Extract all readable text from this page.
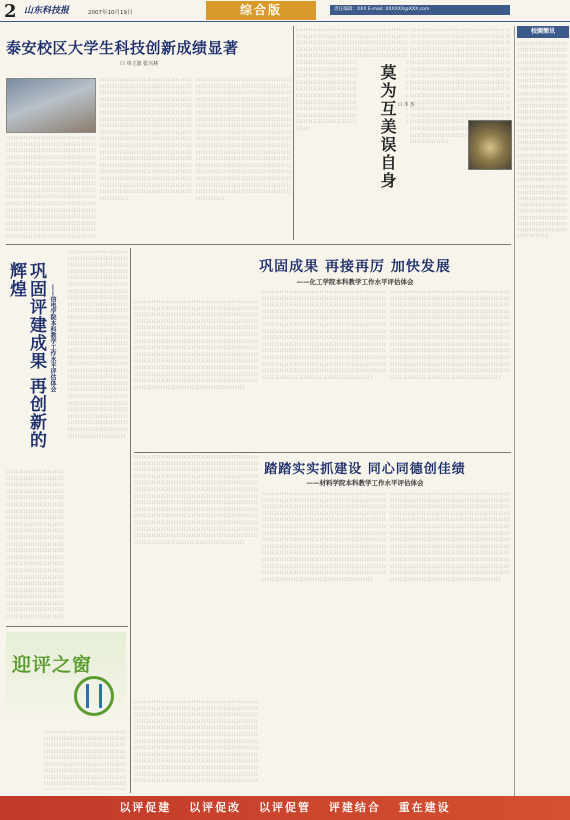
2 山东科技报	2007年10月19日	综合版	责任编辑：XXX E-mail: XXXXXX@XXX.com
泰安校区大学生科技创新成绩显著
口 单立波 张兴林 口口口口口口口口口口口口口口口口口口口口口口口口口口口口口口口口口口口口口口口口口口口口口口口口口口口口口口口口口口口口口口口口口口口口口口口口口口口口口口口口口口口口口口口口口口口口口口口口口口口口口口口口口口口口口口口口口口口口口口口口口口口口口口口口口口口口口口口口口口口口口口口口口口口口口口口口口口口口口口口口口口口口口口口口口口口口口口口口口口口口口口口口口口口口口口口口口口口口口口口口口口口口口口口口口口口口口口口口口口口口口口口口口口口口口口口口口口口口口口口口口口口口口口口口口口口口口口口口口口口口口口口口口口口口口口口口口口口口口口口口口口口口口口口口口口口口口口口口口口口口口口口口口口口口口口口口口口口口口口口口口口口口口口口口口口口口口口口口口口口口口口口口口口口口 口口口口口口口口口口口口口口口口口口口口口口口口口口口口口口口口口口口口口口口口口口口口口口口口口口口口口口口口口口口口口口口口口口口口口口口口口口口口口口口口口口口口口口口口口口口口口口口口口口口口口口口口口口口口口口口口口口口口口口口口口口口口口口口口口口口口口口口口口口口口口口口口口口口口口口口口口口口口口口口口口口口口口口口口口口口口口口口口口口口口口口口口口口口口口口口口口口口口口口口口口口口口口口口口口口口口口口口口口口口口口口口口口口口口口口口口口口口口口口口口口口口口口口口口口口口口口口口口口口口口口口口口口口口口口口口口口口口口口口口口口口口口口口口口口口口口口口口口口口口口口口口口口口口口口口口口口口口口口口口口口口口口口口口口口口口口口口口口口口口口口口口口口口口口 口口口口口口口口口口口口口口口口口口口口口口口口口口口口口口口口口口口口口口口口口口口口口口口口口口口口口口口口口口口口口口口口口口口口口口口口口口口口口口口口口口口口口口口口口口口口口口口口口口口口口口口口口口口口口口口口口口口口口口口口口口口口口口口口口口口口口口口口口口口口口口口口口口口口口口口口口口口口口口口口口口口口口口口口口口口口口口口口口口口口口口口口口口口口口口口口口口口口口口口口口口口口口口口口口口口口口口口口口口口口口口口口口口口口口口口口口口口口口口口口口口口口口口口口口口口口口口口口口口口口口口口口口口口口口口口口口口口口口口口口口口口口口口口口口口口口口口口口口口口口口口口口口口口口口口口口口口口口口口口口口口口口口口口口口口口口口口口口口口口口口口口口口口口口 口口口口口口口口口口口口口口口口口口口口口口口口口口口口口口口口口口口口口口口口口口口口口口口口口口口口口口口口口口口口口口口口口口口口口口口口口口口口口口口口口口口口口口口口口口口口口口口口口口口口口口口口口口口口口口口口口口口口口口口口口口口口口口口口口口口口口口口口口口口口口口口口口口口口口口口口口口口口口口口口口口口口口口口口口口口口口口口口口口口口口口口口口口口口口口口口口口口口口口口口口口口口口口口口口口口口口口口口口口口口口口口口口口口口口口口口口口口口口口口口口口口口口口口口口口口口口口口口口口口口口口口口口口口口口口口口口口口口口口口口口口口口口口口口口口口口口口口口口口口口口口口口口口口口口口口口口口口口口口口口口口口口口口口口口口口口口口口口口口口口口口口口口口口口 口口口口口口口口口口口口口口口口口口口口口口口口口口口口口口口口口口口口口口口口口口口口口口口口口口口口口口口口口口口口口口口口口口口口口口口口口口口口口口口口口口口口口口口口口口口口口口口口口口口口口口口口口口口口口口口口口口口口口口口口口口口口口口口口口口口口口口口口口口口口口口口口口口口口口口口口口口口口口口口口口口口口口口口口口口口口口口口口口口口口口口口口口口口口口口口口口口口口口口口口口口口口口口口口口口口口口口口口口口口口口口口口口口口口口口口口口口口口口口口口口口口口口口口口口口口口口口口口口口口口口口口口口口口口口口口口口口口口口口口口口口口口口口口口口口口口口口口口口口口口口口口口口口口口口口口口口口口口口口口口口口口口口口口口口口口口口口口口口口口口口口口口口口口口	莫为互美误自身 口 李 杰
校園簡讯
口口口口口口口口口口口口口口口口口口口口口口口口口口口口口口口口口口口口口口口口口口口口口口口口口口口口口口口口口口口口口口口口口口口口口口口口口口口口口口口口口口口口口口口口口口口口口口口口口口口口口口口口口口口口口口口口口口口口口口口口口口口口口口口口口口口口口口口口口口口口口口口口口口口口口口口口口口口口口口口口口口口口口口口口口口口口口口口口口口口口口口口口口口口口口口口口口口口口口口口口口口口口口口口口口口口口口口口口口口口口口口口口口口口口口口口口口口口口口口口口口口口口口口口口口口口口口口口口口口口口口口口口口口口口口口口口口口口口口口口口口口口口口口口口口口口口口口口口口口口口口口口口口口口口口口口口口口口口口口口口口口口口口口口口口口口口口口口口口口口口口口口口口口口口
巩固评建成果 再创新的辉煌
——信电学院本科教学工作水平评估体会
口口口口口口口口口口口口口口口口口口口口口口口口口口口口口口口口口口口口口口口口口口口口口口口口口口口口口口口口口口口口口口口口口口口口口口口口口口口口口口口口口口口口口口口口口口口口口口口口口口口口口口口口口口口口口口口口口口口口口口口口口口口口口口口口口口口口口口口口口口口口口口口口口口口口口口口口口口口口口口口口口口口口口口口口口口口口口口口口口口口口口口口口口口口口口口口口口口口口口口口口口口口口口口口口口口口口口口口口口口口口口口口口口口口口口口口口口口口口口口口口口口口口口口口口口口口口口口口口口口口口口口口口口口口口口口口口口口口口口口口口口口口口口口口口口口口口口口口口口口口口口口口口口口口口口口口口口口口口口口口口口口口口口口口口口口口口口口口口口口口口口口口口口口口口
口口口口口口口口口口口口口口口口口口口口口口口口口口口口口口口口口口口口口口口口口口口口口口口口口口口口口口口口口口口口口口口口口口口口口口口口口口口口口口口口口口口口口口口口口口口口口口口口口口口口口口口口口口口口口口口口口口口口口口口口口口口口口口口口口口口口口口口口口口口口口口口口口口口口口口口口口口口口口口口口口口口口口口口口口口口口口口口口口口口口口口口口口口口口口口口口口口口口口口口口口口口口口口口口口口口口口口口口口口口口口口口口口口口口口口口口口口口口口口口口口口口口口口口口口口口口口口口口口口口口口口口口口口口口口口口口口口口口口口口口口口口口口口口口口口口口口口口口口口口口口口口口口口口口口口口口口口口口口口口口口口口口口口口口口口口口口口口口口口口口口口口口口口口口
迎评之窗
口口口口口口口口口口口口口口口口口口口口口口口口口口口口口口口口口口口口口口口口口口口口口口口口口口口口口口口口口口口口口口口口口口口口口口口口口口口口口口口口口口口口口口口口口口口口口口口口口口口口口口口口口口口口口口口口口口口口口口口口口口口口口口口口口口口口口口口口口口口口口口口口口口口口口口口口口口口口口口口口口口口口口口口口口口口口口口口口口口口口口口口口口口口口口口口口口口口口口口口口口口口口口口口口口口口口口口口口口口口口口口口口口口口口口口口口口口口口口口口口口口口口口口口口口口口口口口口口口口口口口口口口口口口口口口口口口口口口口口口口口口口口口口口口口口口口口口口口口口口口口口口口口口口口口口口口口口口口口口口口口口口口口口口口口口口口口口口口口口口口口口口口口口口口
巩固成果 再接再厉 加快发展
——化工学院本科教学工作水平评估体会
口口口口口口口口口口口口口口口口口口口口口口口口口口口口口口口口口口口口口口口口口口口口口口口口口口口口口口口口口口口口口口口口口口口口口口口口口口口口口口口口口口口口口口口口口口口口口口口口口口口口口口口口口口口口口口口口口口口口口口口口口口口口口口口口口口口口口口口口口口口口口口口口口口口口口口口口口口口口口口口口口口口口口口口口口口口口口口口口口口口口口口口口口口口口口口口口口口口口口口口口口口口口口口口口口口口口口口口口口口口口口口口口口口口口口口口口口口口口口口口口口口口口口口口口口口口口口口口口口口口口口口口口口口口口口口口口口口口口口口口口口口口口口口口口口口口口口口口口口口口口口口口口口口口口口口口口口口口口口口口口口口口口口口口口口口口口口口口口口口口口口口口口口口口口
口口口口口口口口口口口口口口口口口口口口口口口口口口口口口口口口口口口口口口口口口口口口口口口口口口口口口口口口口口口口口口口口口口口口口口口口口口口口口口口口口口口口口口口口口口口口口口口口口口口口口口口口口口口口口口口口口口口口口口口口口口口口口口口口口口口口口口口口口口口口口口口口口口口口口口口口口口口口口口口口口口口口口口口口口口口口口口口口口口口口口口口口口口口口口口口口口口口口口口口口口口口口口口口口口口口口口口口口口口口口口口口口口口口口口口口口口口口口口口口口口口口口口口口口口口口口口口口口口口口口口口口口口口口口口口口口口口口口口口口口口口口口口口口口口口口口口口口口口口口口口口口口口口口口口口口口口口口口口口口口口口口口口口口口口口口口口口口口口口口口口口口口口口口口
口口口口口口口口口口口口口口口口口口口口口口口口口口口口口口口口口口口口口口口口口口口口口口口口口口口口口口口口口口口口口口口口口口口口口口口口口口口口口口口口口口口口口口口口口口口口口口口口口口口口口口口口口口口口口口口口口口口口口口口口口口口口口口口口口口口口口口口口口口口口口口口口口口口口口口口口口口口口口口口口口口口口口口口口口口口口口口口口口口口口口口口口口口口口口口口口口口口口口口口口口口口口口口口口口口口口口口口口口口口口口口口口口口口口口口口口口口口口口口口口口口口口口口口口口口口口口口口口口口口口口口口口口口口口口口口口口口口口口口口口口口口口口口口口口口口口口口口口口口口口口口口口口口口口口口口口口口口口口口口口口口口口口口口口口口口口口口口口口口口口口口口口口口口口
口口口口口口口口口口口口口口口口口口口口口口口口口口口口口口口口口口口口口口口口口口口口口口口口口口口口口口口口口口口口口口口口口口口口口口口口口口口口口口口口口口口口口口口口口口口口口口口口口口口口口口口口口口口口口口口口口口口口口口口口口口口口口口口口口口口口口口口口口口口口口口口口口口口口口口口口口口口口口口口口口口口口口口口口口口口口口口口口口口口口口口口口口口口口口口口口口口口口口口口口口口口口口口口口口口口口口口口口口口口口口口口口口口口口口口口口口口口口口口口口口口口口口口口口口口口口口口口口口口口口口口口口口口口口口口口口口口口口口口口口口口口口口口口口口口口口口口口口口口口口口口口口口口口口口口口口口口口口口口口口口口口口口口口口口口口口口口口口口口口口口口口口口口口口
踏踏实实抓建设 同心同德创佳绩
——材料学院本科教学工作水平评估体会
口口口口口口口口口口口口口口口口口口口口口口口口口口口口口口口口口口口口口口口口口口口口口口口口口口口口口口口口口口口口口口口口口口口口口口口口口口口口口口口口口口口口口口口口口口口口口口口口口口口口口口口口口口口口口口口口口口口口口口口口口口口口口口口口口口口口口口口口口口口口口口口口口口口口口口口口口口口口口口口口口口口口口口口口口口口口口口口口口口口口口口口口口口口口口口口口口口口口口口口口口口口口口口口口口口口口口口口口口口口口口口口口口口口口口口口口口口口口口口口口口口口口口口口口口口口口口口口口口口口口口口口口口口口口口口口口口口口口口口口口口口口口口口口口口口口口口口口口口口口口口口口口口口口口口口口口口口口口口口口口口口口口口口口口口口口口口口口口口口口口口口口口口口口口
口口口口口口口口口口口口口口口口口口口口口口口口口口口口口口口口口口口口口口口口口口口口口口口口口口口口口口口口口口口口口口口口口口口口口口口口口口口口口口口口口口口口口口口口口口口口口口口口口口口口口口口口口口口口口口口口口口口口口口口口口口口口口口口口口口口口口口口口口口口口口口口口口口口口口口口口口口口口口口口口口口口口口口口口口口口口口口口口口口口口口口口口口口口口口口口口口口口口口口口口口口口口口口口口口口口口口口口口口口口口口口口口口口口口口口口口口口口口口口口口口口口口口口口口口口口口口口口口口口口口口口口口口口口口口口口口口口口口口口口口口口口口口口口口口口口口口口口口口口口口口口口口口口口口口口口口口口口口口口口口口口口口口口口口口口口口口口口口口口口口口口口口口口口口
口口口口口口口口口口口口口口口口口口口口口口口口口口口口口口口口口口口口口口口口口口口口口口口口口口口口口口口口口口口口口口口口口口口口口口口口口口口口口口口口口口口口口口口口口口口口口口口口口口口口口口口口口口口口口口口口口口口口口口口口口口口口口口口口口口口口口口口口口口口口口口口口口口口口口口口口口口口口口口口口口口口口口口口口口口口口口口口口口口口口口口口口口口口口口口口口口口口口口口口口口口口口口口口口口口口口口口口口口口口口口口口口口口口口口口口口口口口口口口口口口口口口口口口口口口口口口口口口口口口口口口口口口口口口口口口口口口口口口口口口口口口口口口口口口口口口口口口口口口口口口口口口口口口口口口口口口口口口口口口口口口口口口口口口口口口口口口口口口口口口口口口口口口口口
以评促建 以评促改 以评促管 评建结合 重在建设
